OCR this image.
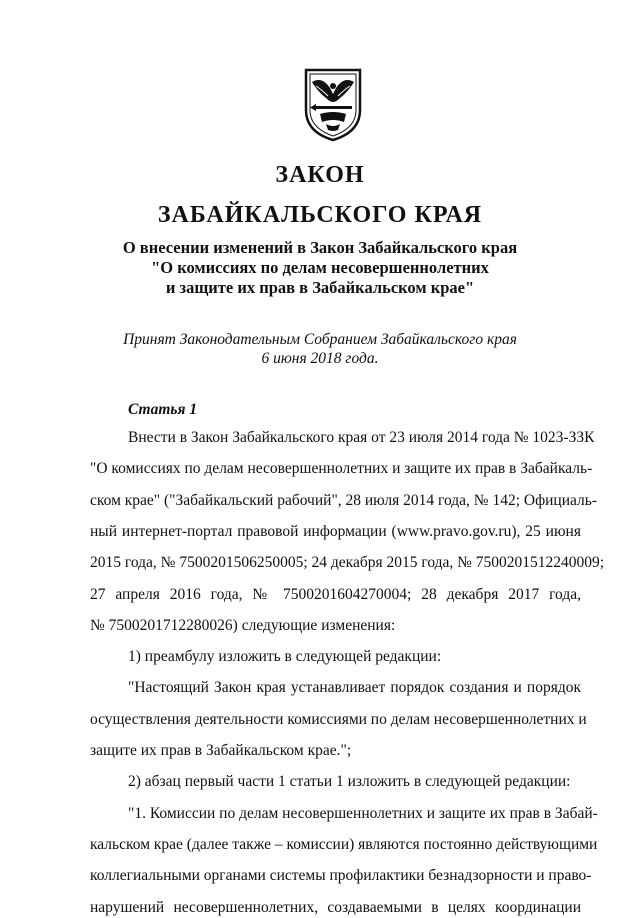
ЗАКОН
ЗАБАЙКАЛЬСКОГО КРАЯ
О внесении изменений в Закон Забайкальского края
"О комиссиях по делам несовершеннолетних
и защите их прав в Забайкальском крае"
Принят Законодательным Собранием Забайкальского края
6 июня 2018 года.
Статья 1
Внести в Закон Забайкальского края от 23 июля 2014 года № 1023-ЗЗК
"О комиссиях по делам несовершеннолетних и защите их прав в Забайкаль-
ском крае" ("Забайкальский рабочий", 28 июля 2014 года, № 142; Официаль-
ный интернет-портал правовой информации (www.pravo.gov.ru), 25 июня
2015 года, № 7500201506250005; 24 декабря 2015 года, № 7500201512240009;
27 апреля 2016 года, № 7500201604270004; 28 декабря 2017 года,
№ 7500201712280026) следующие изменения:
1) преамбулу изложить в следующей редакции:
"Настоящий Закон края устанавливает порядок создания и порядок
осуществления деятельности комиссиями по делам несовершеннолетних и
защите их прав в Забайкальском крае.";
2) абзац первый части 1 статьи 1 изложить в следующей редакции:
"1. Комиссии по делам несовершеннолетних и защите их прав в Забай-
кальском крае (далее также – комиссии) являются постоянно действующими
коллегиальными органами системы профилактики безнадзорности и право-
нарушений несовершеннолетних, создаваемыми в целях координации
